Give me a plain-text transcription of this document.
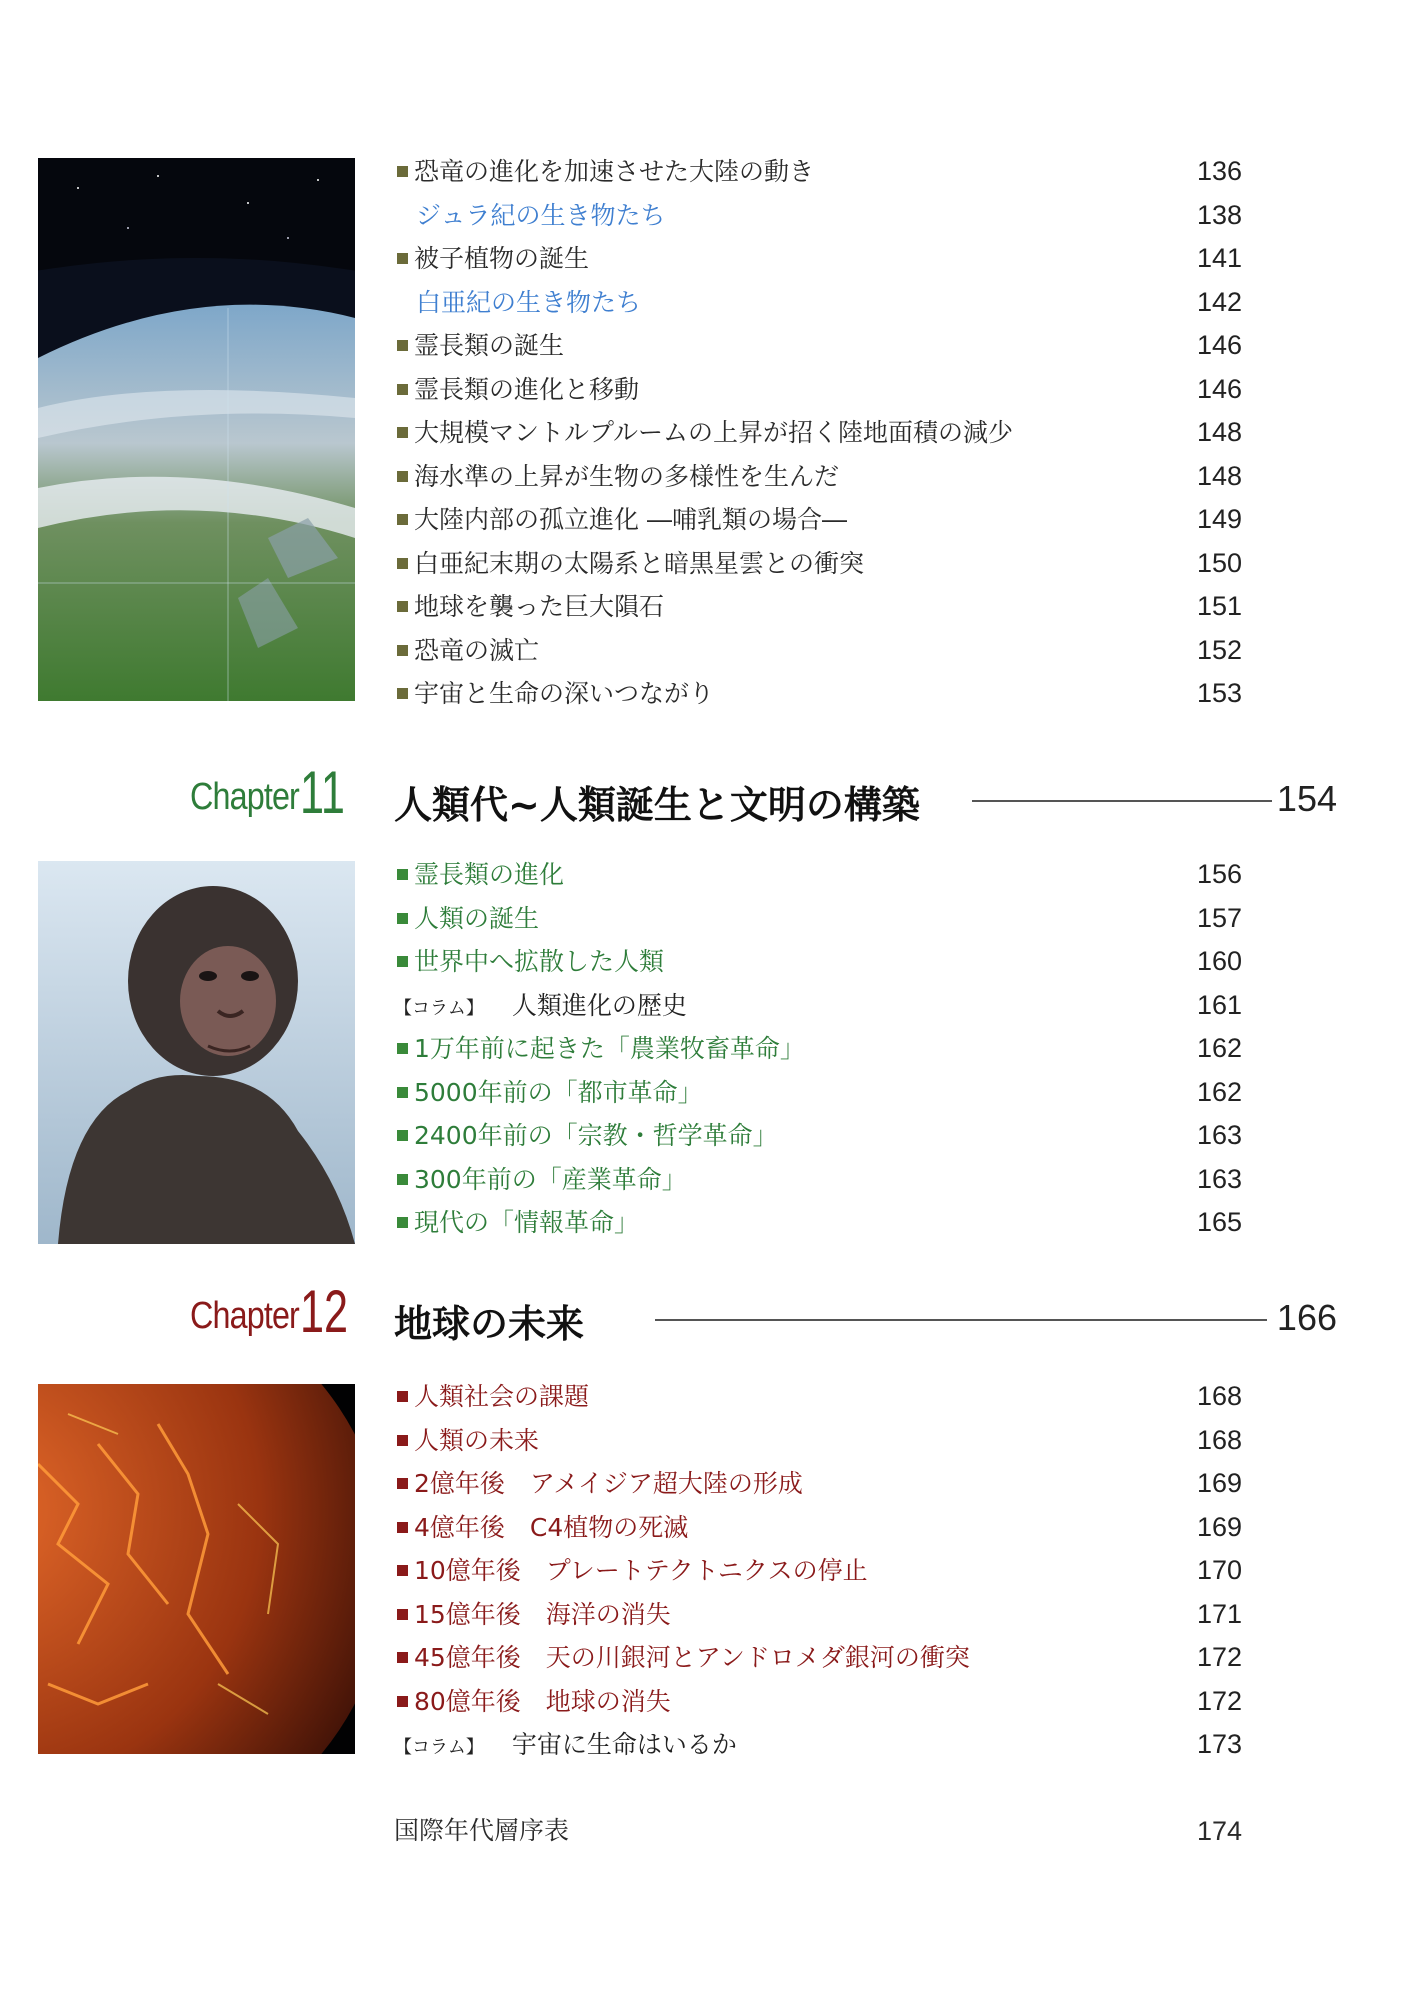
恐竜の進化を加速させた大陸の動き	136
ジュラ紀の生き物たち	138
被子植物の誕生	141
白亜紀の生き物たち	142
霊長類の誕生	146
霊長類の進化と移動	146
大規模マントルプルームの上昇が招く陸地面積の減少	148
海水準の上昇が生物の多様性を生んだ	148
大陸内部の孤立進化 ―哺乳類の場合―	149
白亜紀末期の太陽系と暗黒星雲との衝突	150
地球を襲った巨大隕石	151
恐竜の滅亡	152
宇宙と生命の深いつながり	153
Chapter 11 人類代~人類誕生と文明の構築	154
霊長類の進化	156
人類の誕生	157
世界中へ拡散した人類	160
【コラム】 人類進化の歴史	161
1万年前に起きた「農業牧畜革命」	162
5000年前の「都市革命」	162
2400年前の「宗教・哲学革命」	163
300年前の「産業革命」	163
現代の「情報革命」	165
Chapter 12 地球の未来	166
人類社会の課題	168
人類の未来	168
2億年後　アメイジア超大陸の形成	169
4億年後　C4植物の死滅	169
10億年後　プレートテクトニクスの停止	170
15億年後　海洋の消失	171
45億年後　天の川銀河とアンドロメダ銀河の衝突	172
80億年後　地球の消失	172
【コラム】 宇宙に生命はいるか	173
国際年代層序表	174
